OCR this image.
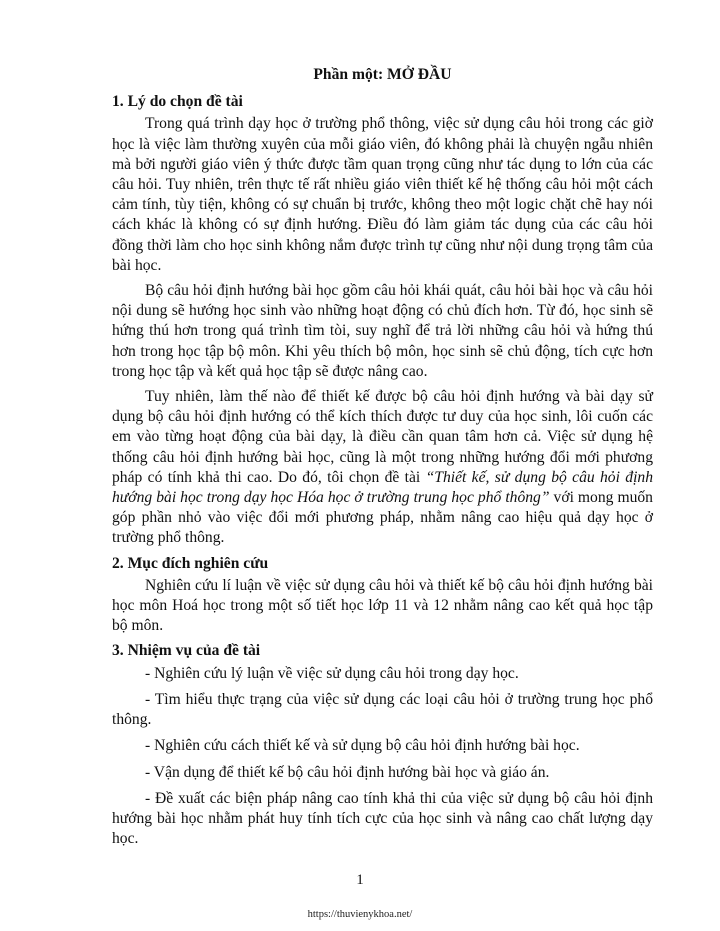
Phần một: MỞ ĐẦU
1. Lý do chọn đề tài

Trong quá trình dạy học ở trường phổ thông, việc sử dụng câu hỏi trong các giờ học là việc làm thường xuyên của mỗi giáo viên, đó không phải là chuyện ngẫu nhiên mà bởi người giáo viên ý thức được tầm quan trọng cũng như tác dụng to lớn của các câu hỏi. Tuy nhiên, trên thực tế rất nhiều giáo viên thiết kế hệ thống câu hỏi một cách cảm tính, tùy tiện, không có sự chuẩn bị trước, không theo một logic chặt chẽ hay nói cách khác là không có sự định hướng. Điều đó làm giảm tác dụng của các câu hỏi đồng thời làm cho học sinh không nắm được trình tự cũng như nội dung trọng tâm của bài học.

Bộ câu hỏi định hướng bài học gồm câu hỏi khái quát, câu hỏi bài học và câu hỏi nội dung sẽ hướng học sinh vào những hoạt động có chủ đích hơn. Từ đó, học sinh sẽ hứng thú hơn trong quá trình tìm tòi, suy nghĩ để trả lời những câu hỏi và hứng thú hơn trong học tập bộ môn. Khi yêu thích bộ môn, học sinh sẽ chủ động, tích cực hơn trong học tập và kết quả học tập sẽ được nâng cao.

Tuy nhiên, làm thế nào để thiết kế được bộ câu hỏi định hướng và bài dạy sử dụng bộ câu hỏi định hướng có thể kích thích được tư duy của học sinh, lôi cuốn các em vào từng hoạt động của bài dạy, là điều cần quan tâm hơn cả. Việc sử dụng hệ thống câu hỏi định hướng bài học, cũng là một trong những hướng đổi mới phương pháp có tính khả thi cao. Do đó, tôi chọn đề tài “Thiết kế, sử dụng bộ câu hỏi định hướng bài học trong dạy học Hóa học ở trường trung học phổ thông” với mong muốn góp phần nhỏ vào việc đổi mới phương pháp, nhằm nâng cao hiệu quả dạy học ở trường phổ thông.

2. Mục đích nghiên cứu

Nghiên cứu lí luận về việc sử dụng câu hỏi và thiết kế bộ câu hỏi định hướng bài học môn Hoá học trong một số tiết học lớp 11 và 12 nhằm nâng cao kết quả học tập bộ môn.

3. Nhiệm vụ của đề tài

- Nghiên cứu lý luận về việc sử dụng câu hỏi trong dạy học.

- Tìm hiểu thực trạng của việc sử dụng các loại câu hỏi ở trường trung học phổ thông.

- Nghiên cứu cách thiết kế và sử dụng bộ câu hỏi định hướng bài học.

- Vận dụng để thiết kế bộ câu hỏi định hướng bài học và giáo án.

- Đề xuất các biện pháp nâng cao tính khả thi của việc sử dụng bộ câu hỏi định hướng bài học nhằm phát huy tính tích cực của học sinh và nâng cao chất lượng dạy học.

1
https://thuvienykhoa.net/
